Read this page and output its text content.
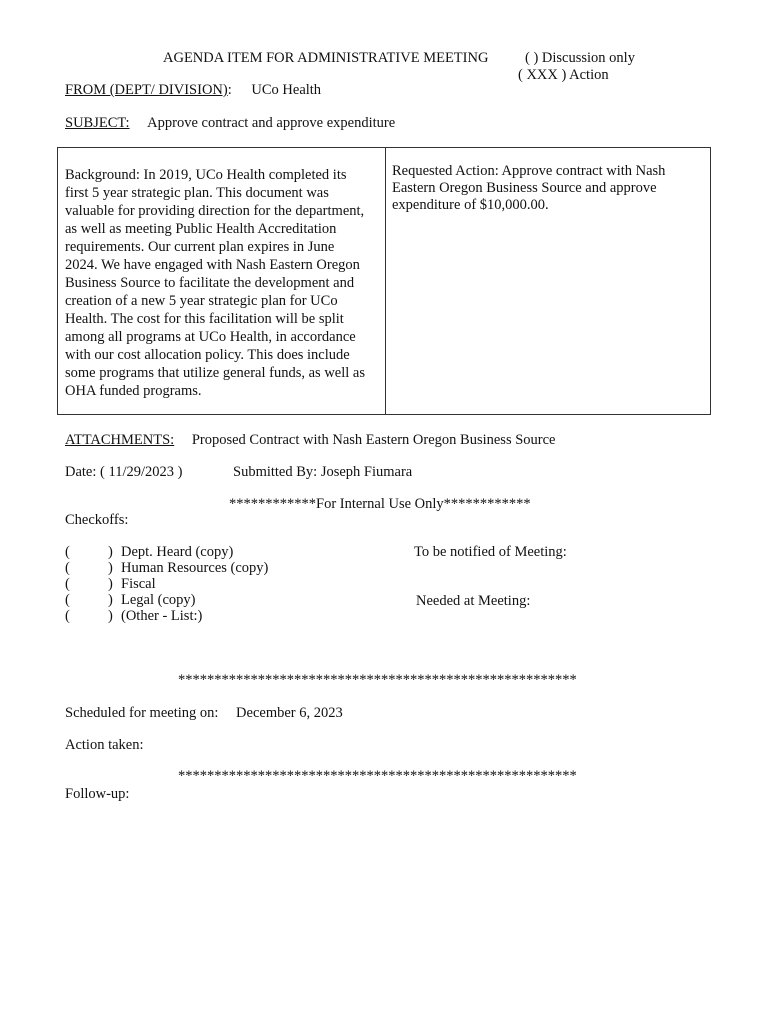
AGENDA ITEM FOR ADMINISTRATIVE MEETING	( ) Discussion only
( XXX ) Action
FROM (DEPT/ DIVISION): UCo Health
SUBJECT: Approve contract and approve expenditure
Background: In 2019, UCo Health completed its
first 5 year strategic plan. This document was
valuable for providing direction for the department,
as well as meeting Public Health Accreditation
requirements. Our current plan expires in June
2024. We have engaged with Nash Eastern Oregon
Business Source to facilitate the development and
creation of a new 5 year strategic plan for UCo
Health. The cost for this facilitation will be split
among all programs at UCo Health, in accordance
with our cost allocation policy. This does include
some programs that utilize general funds, as well as
OHA funded programs.
Requested Action: Approve contract with Nash
Eastern Oregon Business Source and approve
expenditure of $10,000.00.
ATTACHMENTS: Proposed Contract with Nash Eastern Oregon Business Source
Date: ( 11/29/2023 )	Submitted By: Joseph Fiumara
************For Internal Use Only************
Checkoffs:
(	) Dept. Heard (copy)
(	) Human Resources (copy)
(	) Fiscal
(	) Legal (copy)
(	) (Other - List:)
To be notified of Meeting:
Needed at Meeting:
*******************************************************
Scheduled for meeting on: December 6, 2023
Action taken:
*******************************************************
Follow-up:
